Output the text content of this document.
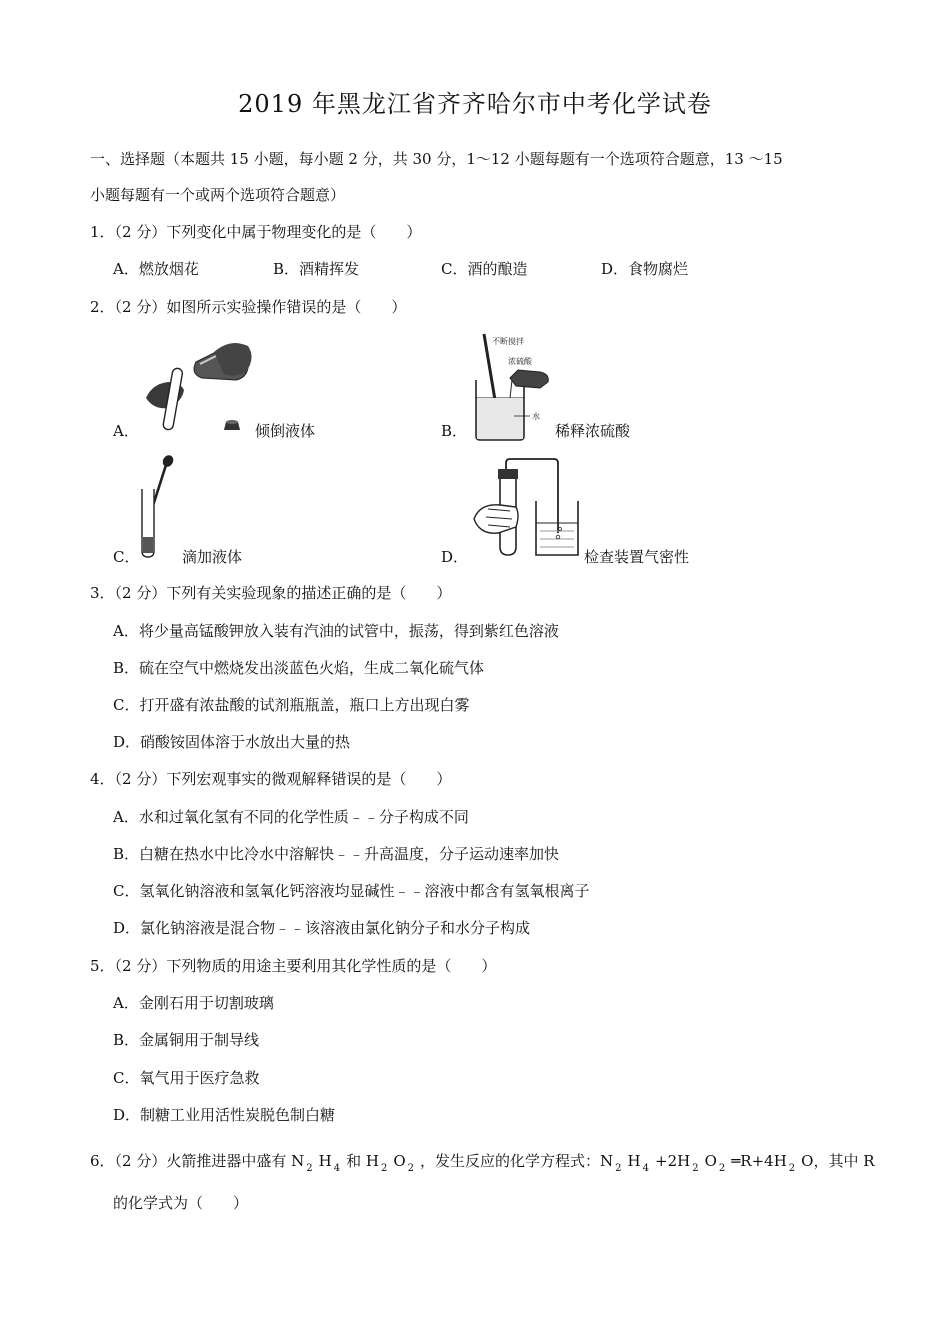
2019 年黑龙江省齐齐哈尔市中考化学试卷
一、选择题（本题共 15 小题，每小题 2 分，共 30 分，1～12 小题每题有一个选项符合题意，13 ～15
小题每题有一个或两个选项符合题意）
1．（2 分）下列变化中属于物理变化的是（　　）
A．燃放烟花	B．酒精挥发	C．酒的酿造	D．食物腐烂
2．（2 分）如图所示实验操作错误的是（　　）
A．	倾倒液体
不断搅拌
浓硫酸
水
B．	稀释浓硫酸
C．	滴加液体	D．	检查装置气密性
3．（2 分）下列有关实验现象的描述正确的是（　　）
A．将少量高锰酸钾放入装有汽油的试管中，振荡，得到紫红色溶液
B．硫在空气中燃烧发出淡蓝色火焰，生成二氧化硫气体
C．打开盛有浓盐酸的试剂瓶瓶盖，瓶口上方出现白雾
D．硝酸铵固体溶于水放出大量的热
4．（2 分）下列宏观事实的微观解释错误的是（　　）
A．水和过氧化氢有不同的化学性质﹣﹣分子构成不同
B．白糖在热水中比冷水中溶解快﹣﹣升高温度，分子运动速率加快
C．氢氧化钠溶液和氢氧化钙溶液均显碱性﹣﹣溶液中都含有氢氧根离子
D．氯化钠溶液是混合物﹣﹣该溶液由氯化钠分子和水分子构成
5．（2 分）下列物质的用途主要利用其化学性质的是（　　）
A．金刚石用于切割玻璃
B．金属铜用于制导线
C．氧气用于医疗急救
D．制糖工业用活性炭脱色制白糖
6．（2 分）火箭推进器中盛有 N $_2$ H $_4$ 和 H $_2$ O $_2$ ，发生反应的化学方程式：N $_2$ H $_4$ +2H $_2$ O $_2$ ═R+4H $_2$ O，其中 R
的化学式为（　　）
